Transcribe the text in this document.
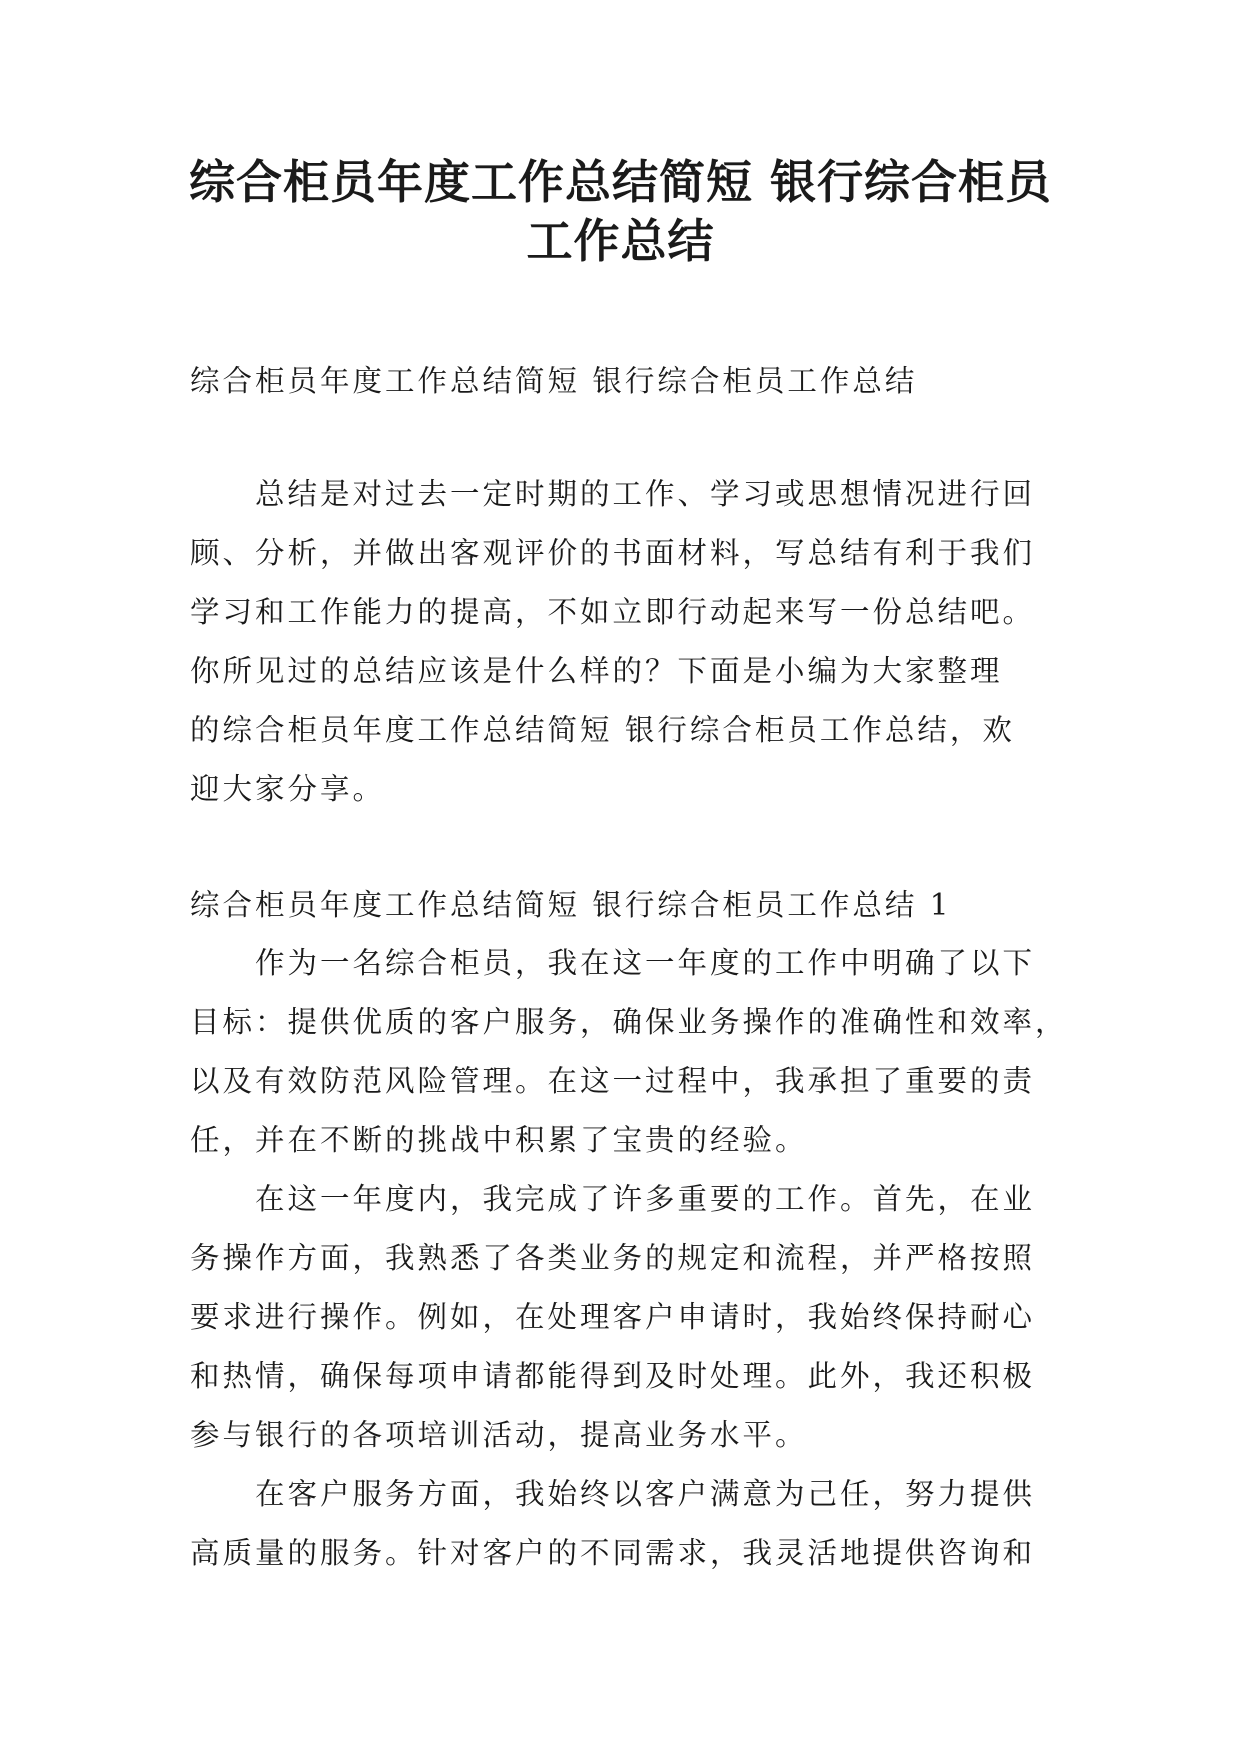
综合柜员年度工作总结简短 银行综合柜员
工作总结

综合柜员年度工作总结简短 银行综合柜员工作总结

　　总结是对过去一定时期的工作、学习或思想情况进行回
顾、分析，并做出客观评价的书面材料，写总结有利于我们
学习和工作能力的提高，不如立即行动起来写一份总结吧。
你所见过的总结应该是什么样的？下面是小编为大家整理
的综合柜员年度工作总结简短 银行综合柜员工作总结，欢
迎大家分享。

综合柜员年度工作总结简短 银行综合柜员工作总结 1

　　作为一名综合柜员，我在这一年度的工作中明确了以下
目标：提供优质的客户服务，确保业务操作的准确性和效率，
以及有效防范风险管理。在这一过程中，我承担了重要的责
任，并在不断的挑战中积累了宝贵的经验。
　　在这一年度内，我完成了许多重要的工作。首先，在业
务操作方面，我熟悉了各类业务的规定和流程，并严格按照
要求进行操作。例如，在处理客户申请时，我始终保持耐心
和热情，确保每项申请都能得到及时处理。此外，我还积极
参与银行的各项培训活动，提高业务水平。
　　在客户服务方面，我始终以客户满意为己任，努力提供
高质量的服务。针对客户的不同需求，我灵活地提供咨询和
